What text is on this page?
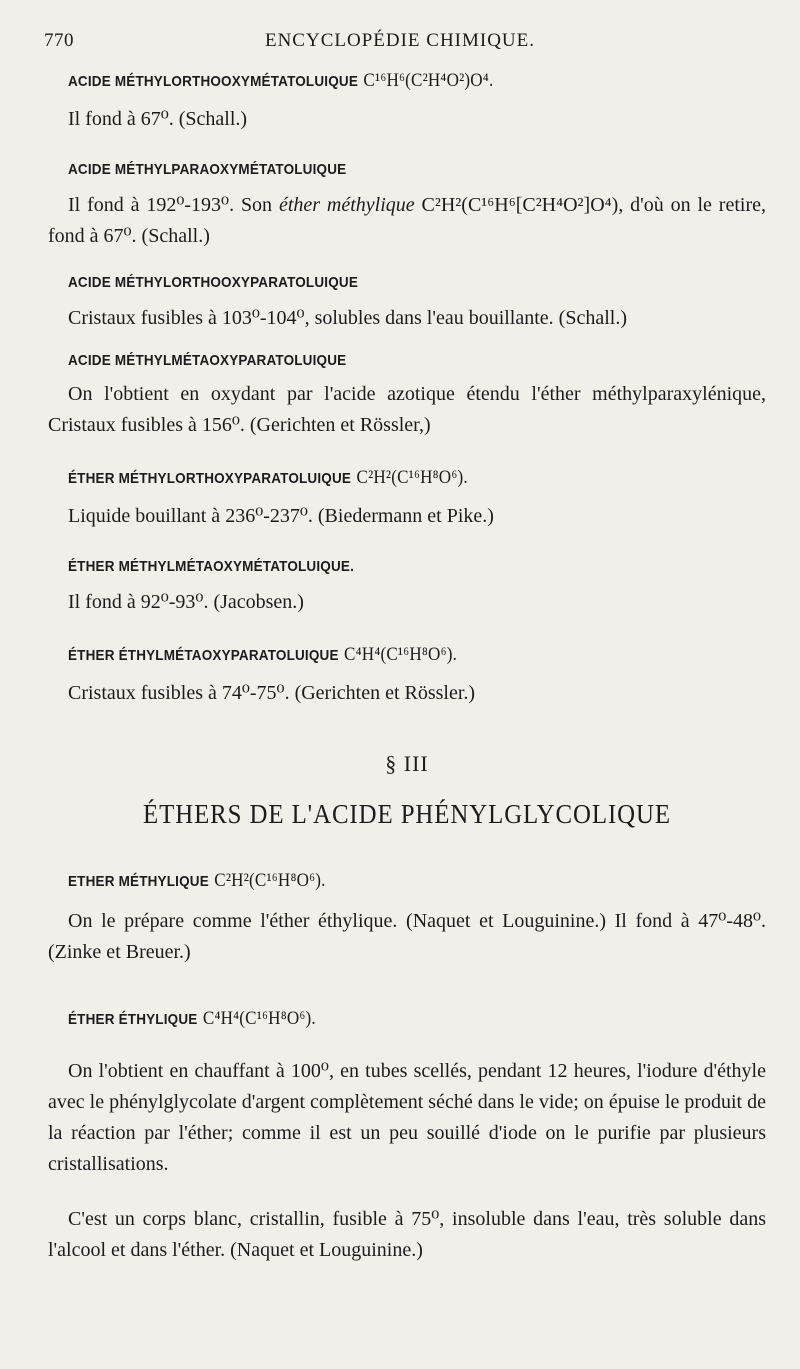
770	ENCYCLOPÉDIE CHIMIQUE.
ACIDE MÉTHYLORTHOOXYMÉTATOLUIQUE C¹⁶H⁶(C²H⁴O²)O⁴.

Il fond à 67⁰. (Schall.)

ACIDE MÉTHYLPARAOXYMÉTATOLUIQUE

Il fond à 192⁰-193⁰. Son éther méthylique C²H²(C¹⁶H⁶[C²H⁴O²]O⁴), d'où on le retire, fond à 67⁰. (Schall.)

ACIDE MÉTHYLORTHOOXYPARATOLUIQUE

Cristaux fusibles à 103⁰-104⁰, solubles dans l'eau bouillante. (Schall.)

ACIDE MÉTHYLMÉTAOXYPARATOLUIQUE

On l'obtient en oxydant par l'acide azotique étendu l'éther méthylparaxylénique, Cristaux fusibles à 156⁰. (Gerichten et Rössler,)

ÉTHER MÉTHYLORTHOXYPARATOLUIQUE C²H²(C¹⁶H⁸O⁶).

Liquide bouillant à 236⁰-237⁰. (Biedermann et Pike.)

ÉTHER MÉTHYLMÉTAOXYMÉTATOLUIQUE.

Il fond à 92⁰-93⁰. (Jacobsen.)

ÉTHER ÉTHYLMÉTAOXYPARATOLUIQUE C⁴H⁴(C¹⁶H⁸O⁶).

Cristaux fusibles à 74⁰-75⁰. (Gerichten et Rössler.)

§ III
ÉTHERS DE L'ACIDE PHÉNYLGLYCOLIQUE
ETHER MÉTHYLIQUE C²H²(C¹⁶H⁸O⁶).

On le prépare comme l'éther éthylique. (Naquet et Louguinine.) Il fond à 47⁰-48⁰. (Zinke et Breuer.)

ÉTHER ÉTHYLIQUE C⁴H⁴(C¹⁶H⁸O⁶).

On l'obtient en chauffant à 100⁰, en tubes scellés, pendant 12 heures, l'iodure d'éthyle avec le phénylglycolate d'argent complètement séché dans le vide; on épuise le produit de la réaction par l'éther; comme il est un peu souillé d'iode on le purifie par plusieurs cristallisations.

C'est un corps blanc, cristallin, fusible à 75⁰, insoluble dans l'eau, très soluble dans l'alcool et dans l'éther. (Naquet et Louguinine.)
